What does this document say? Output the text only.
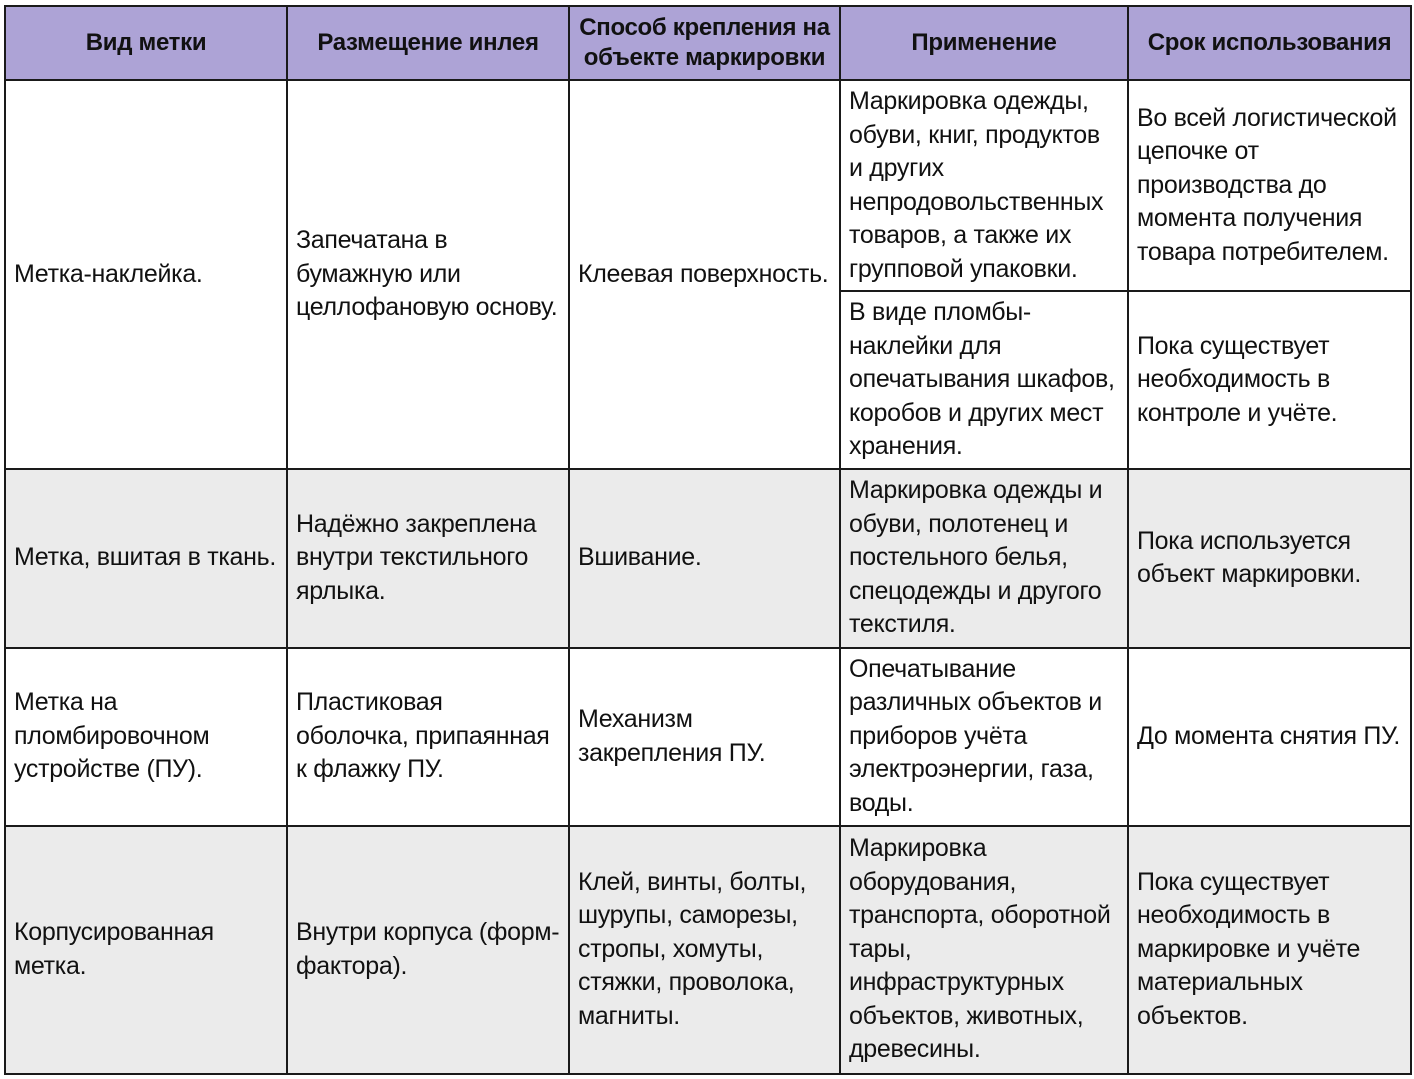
Вид метки	Размещение инлея	Способ крепления на объекте маркировки	Применение	Срок использования
Метка-наклейка.	Запечатана в бумажную или целлофановую основу.	Клеевая поверхность.	Маркировка одежды, обуви, книг, продуктов и других непродовольственных товаров, а также их групповой упаковки.	Во всей логистической цепочке от производства до момента получения товара потребителем.
			В виде пломбы-наклейки для опечатывания шкафов, коробов и других мест хранения.	Пока существует необходимость в контроле и учёте.
Метка, вшитая в ткань.	Надёжно закреплена внутри текстильного ярлыка.	Вшивание.	Маркировка одежды и обуви, полотенец и постельного белья, спецодежды и другого текстиля.	Пока используется объект маркировки.
Метка на пломбировочном устройстве (ПУ).	Пластиковая оболочка, припаянная к флажку ПУ.	Механизм закрепления ПУ.	Опечатывание различных объектов и приборов учёта электроэнергии, газа, воды.	До момента снятия ПУ.
Корпусированная метка.	Внутри корпуса (форм-фактора).	Клей, винты, болты, шурупы, саморезы, стропы, хомуты, стяжки, проволока, магниты.	Маркировка оборудования, транспорта, оборотной тары, инфраструктурных объектов, животных, древесины.	Пока существует необходимость в маркировке и учёте материальных объектов.
